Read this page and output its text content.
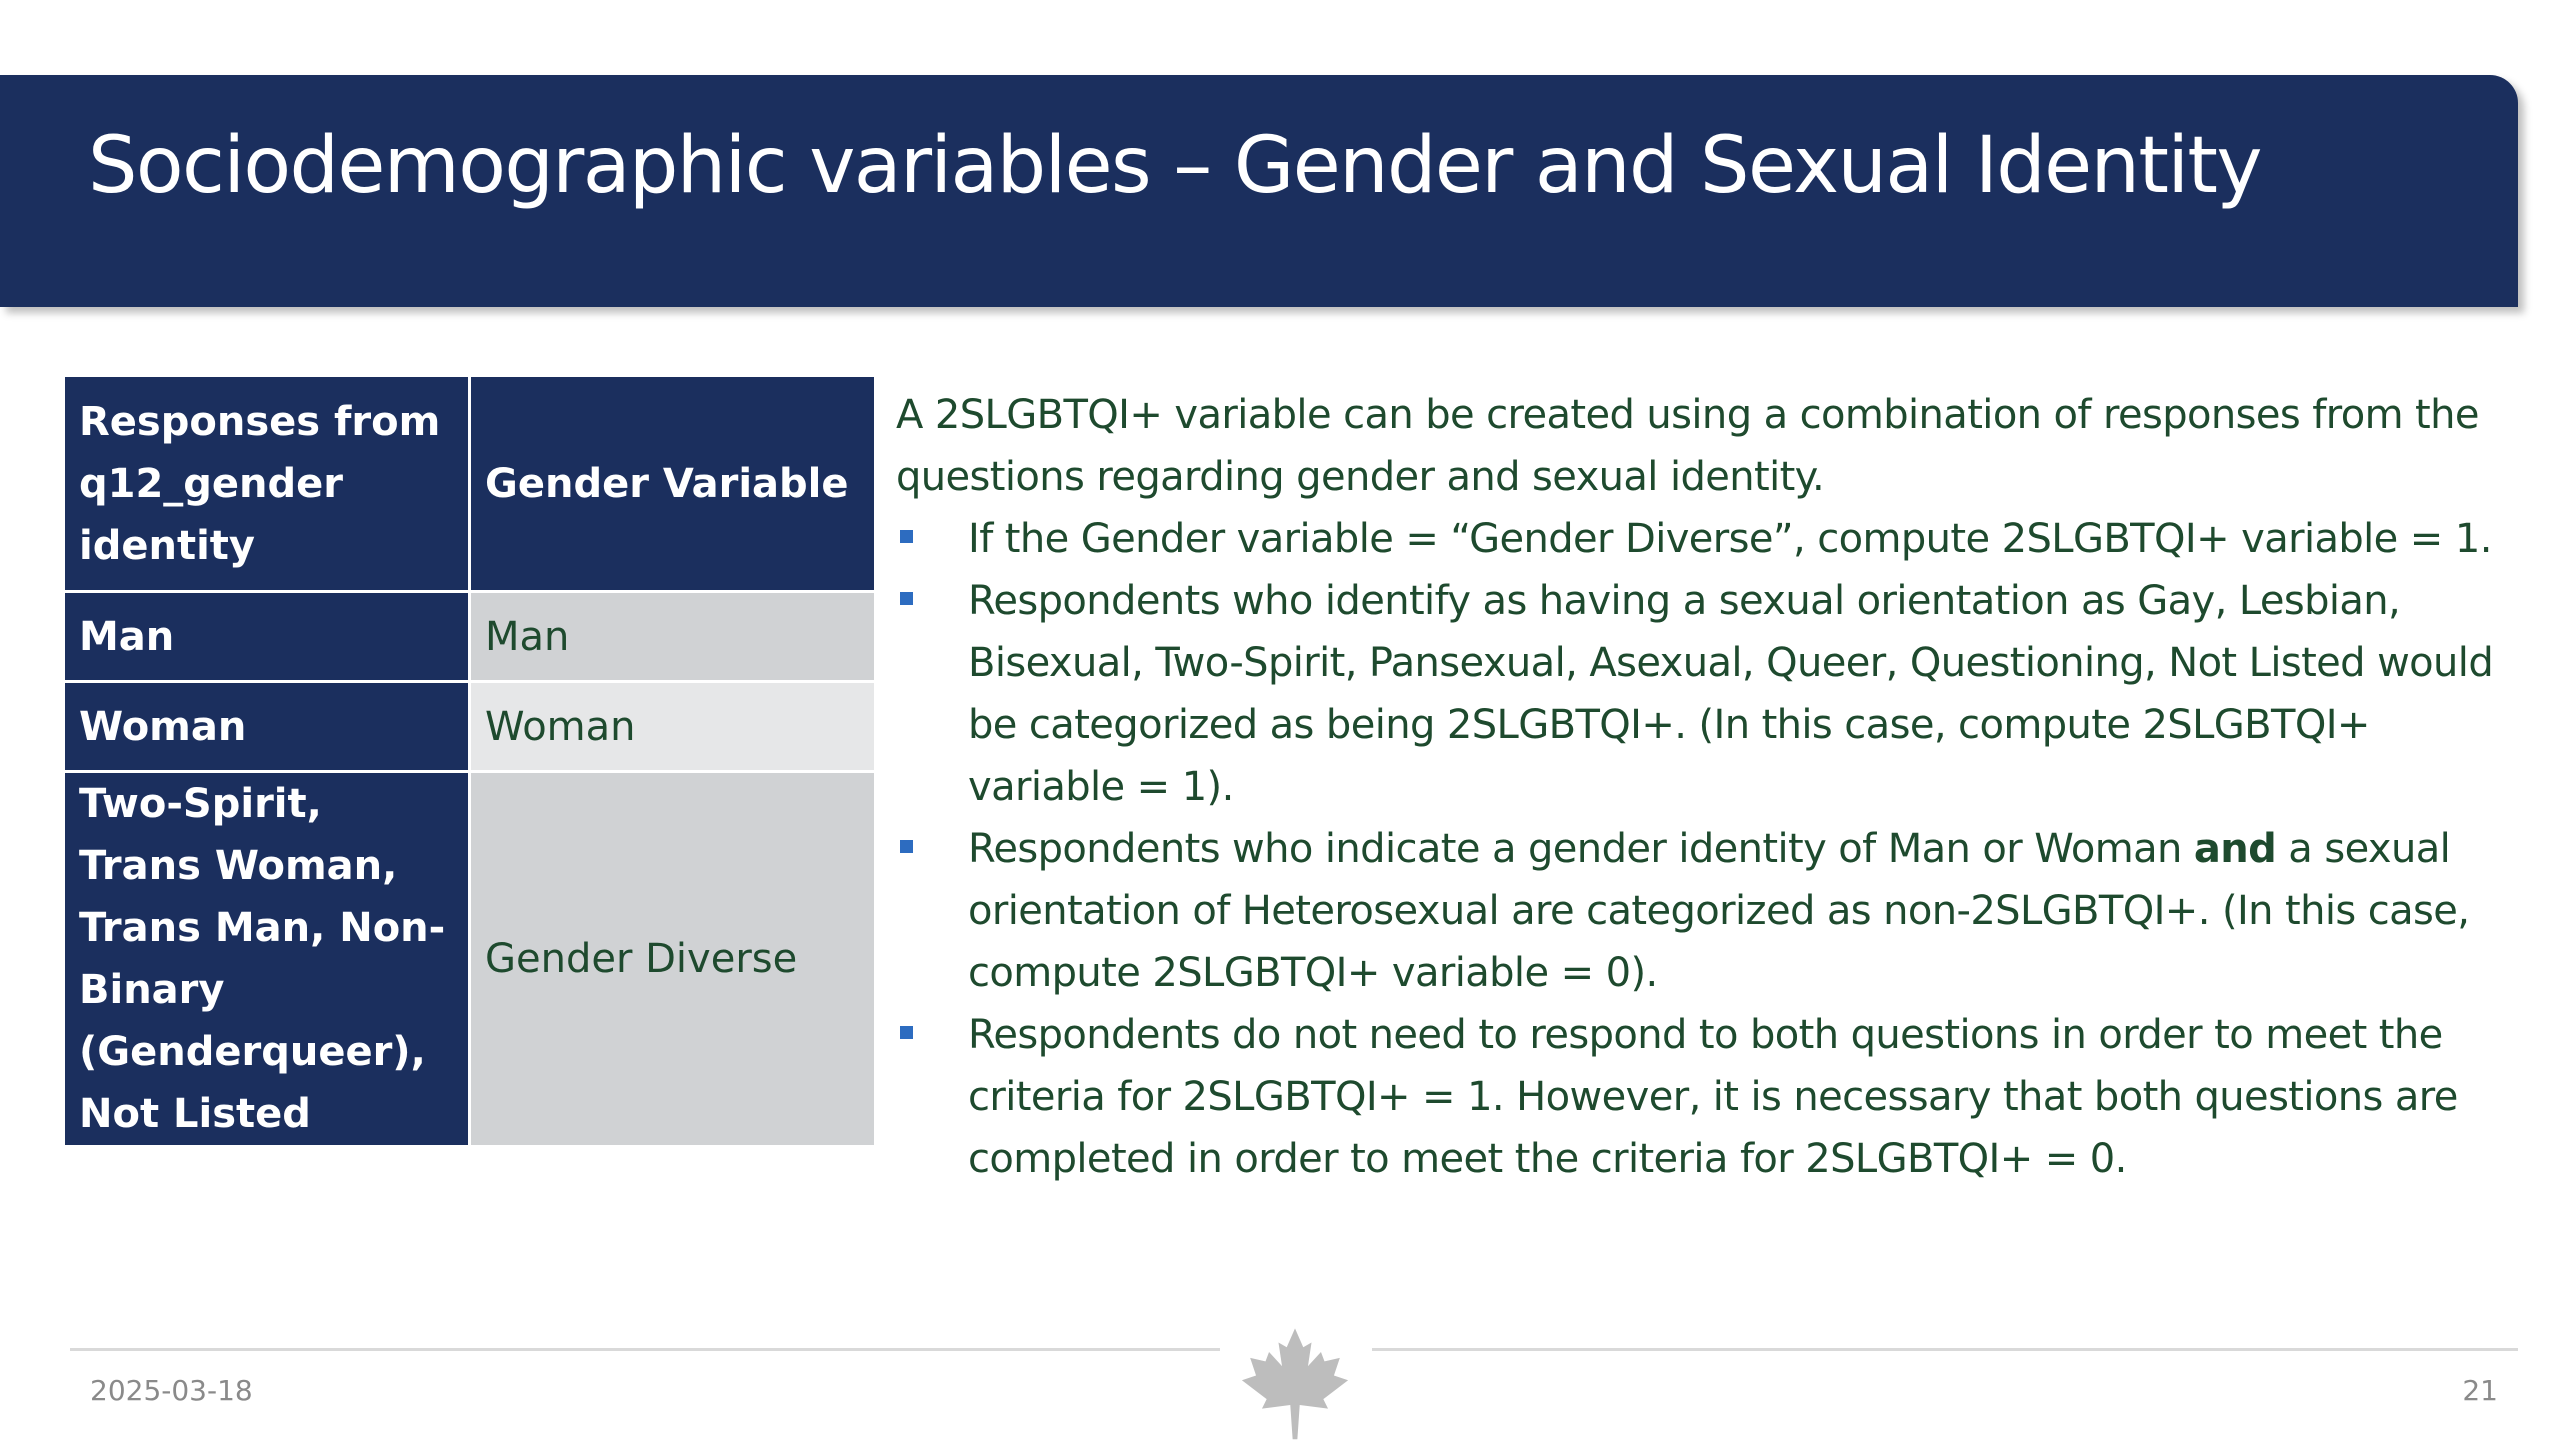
Sociodemographic variables – Gender and Sexual Identity
Responses from q12_gender identity	Gender Variable
Man	Man
Woman	Woman
Two-Spirit, Trans Woman, Trans Man, Non-Binary (Genderqueer), Not Listed	Gender Diverse

A 2SLGBTQI+ variable can be created using a combination of responses from the questions regarding gender and sexual identity.

If the Gender variable = “Gender Diverse”, compute 2SLGBTQI+ variable = 1.
Respondents who identify as having a sexual orientation as Gay, Lesbian, Bisexual, Two-Spirit, Pansexual, Asexual, Queer, Questioning, Not Listed would be categorized as being 2SLGBTQI+. (In this case, compute 2SLGBTQI+ variable = 1).
Respondents who indicate a gender identity of Man or Woman and a sexual orientation of Heterosexual are categorized as non-2SLGBTQI+. (In this case, compute 2SLGBTQI+ variable = 0).
Respondents do not need to respond to both questions in order to meet the criteria for 2SLGBTQI+ = 1. However, it is necessary that both questions are completed in order to meet the criteria for 2SLGBTQI+ = 0.
2025-03-18	21
